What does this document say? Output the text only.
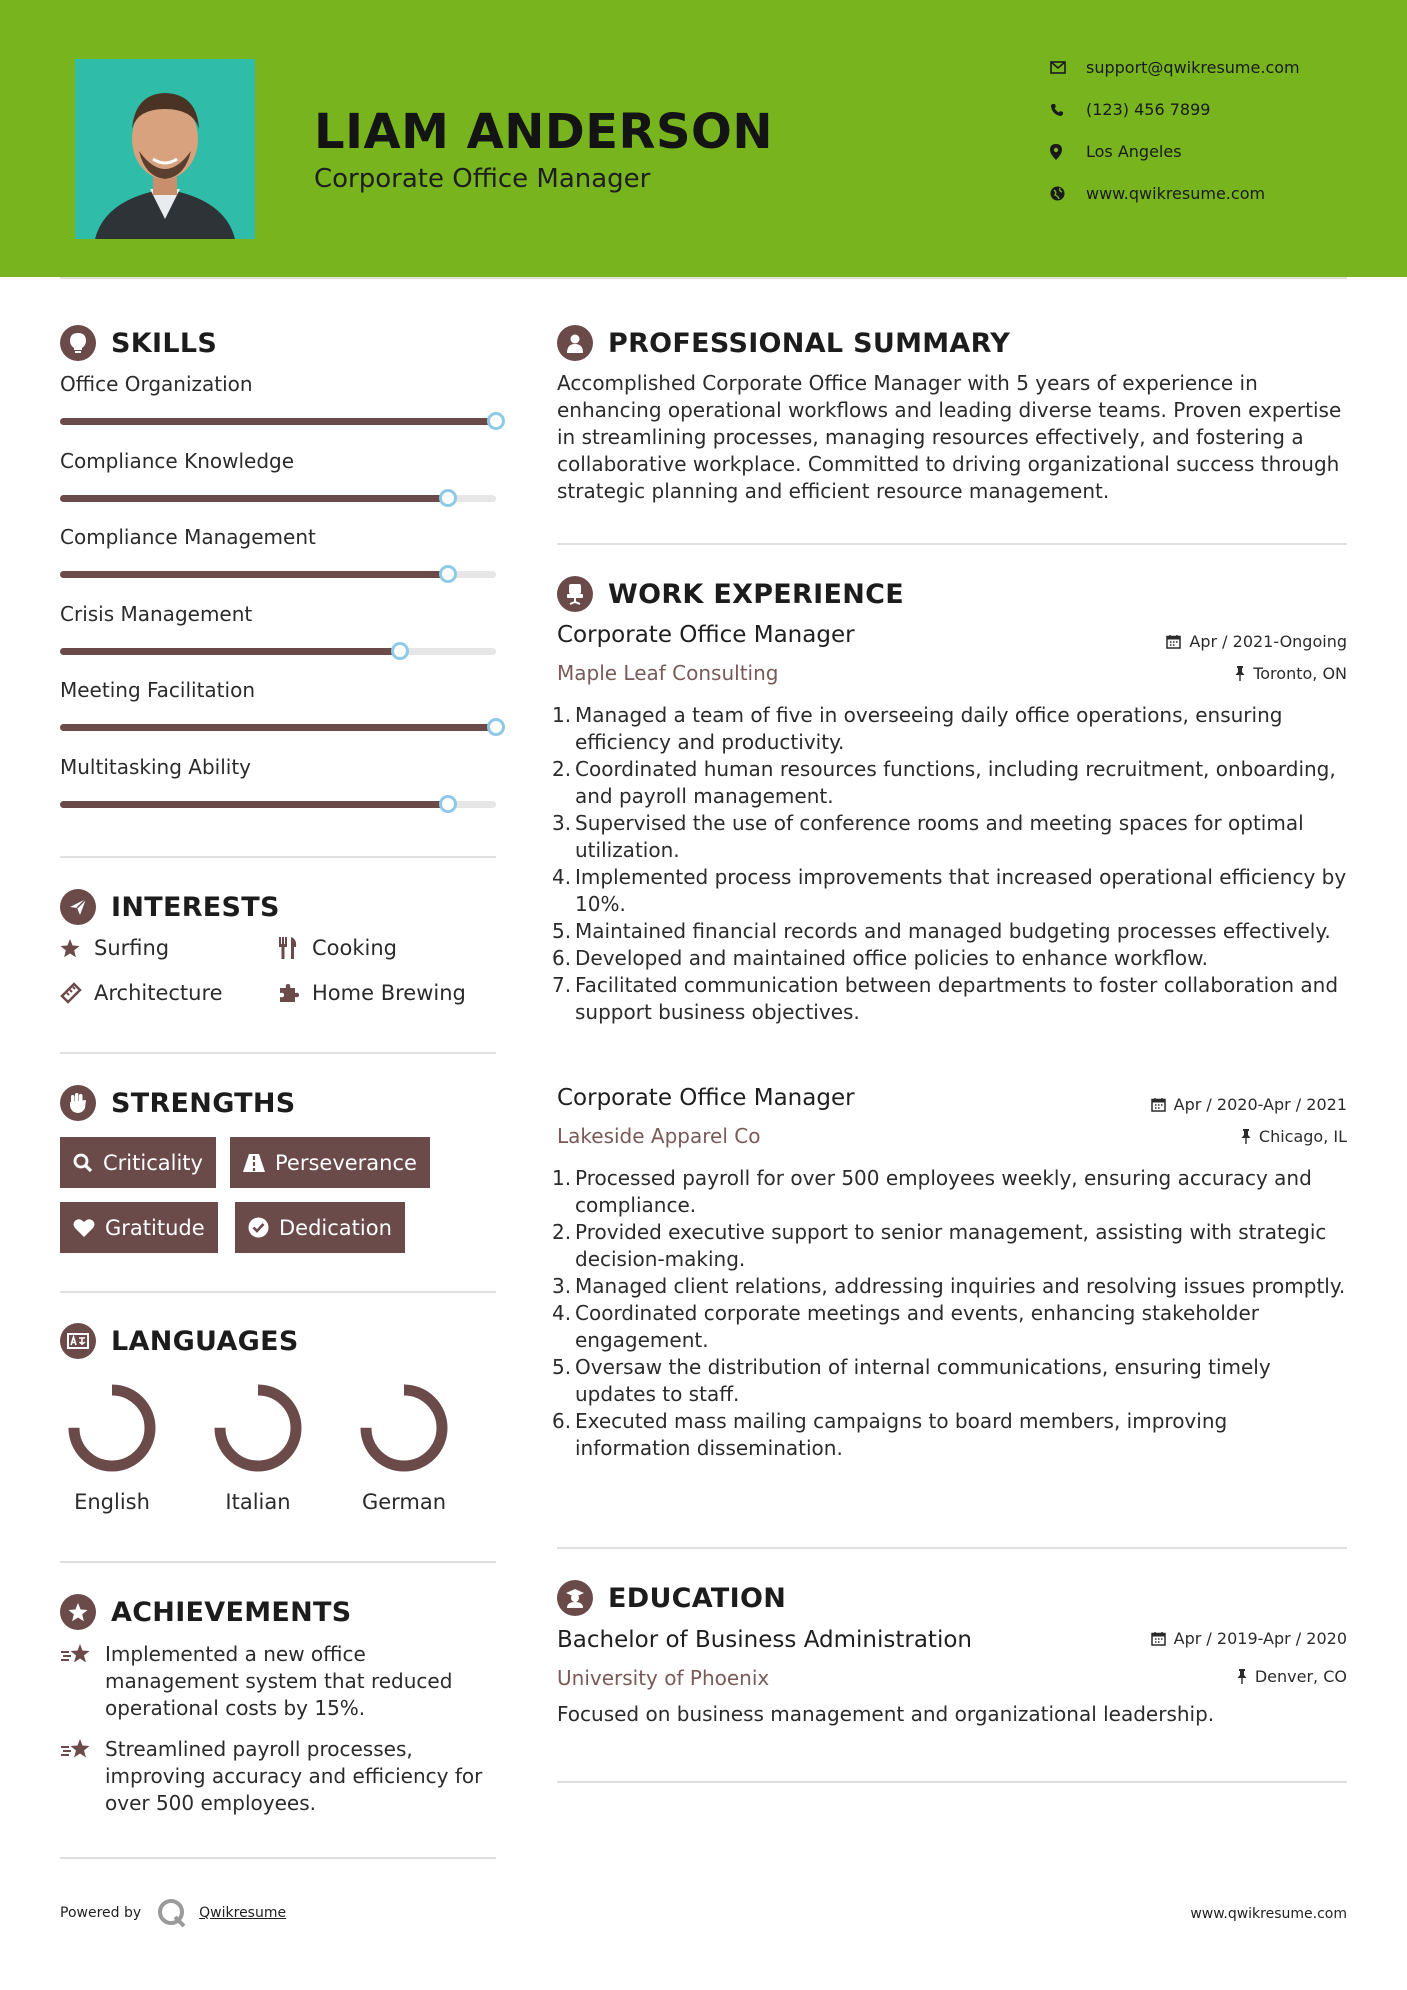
LIAM ANDERSON
Corporate Office Manager
support@qwikresume.com
(123) 456 7899
Los Angeles
www.qwikresume.com
SKILLS
Office Organization
Compliance Knowledge
Compliance Management
Crisis Management
Meeting Facilitation
Multitasking Ability
INTERESTS
Surfing	Cooking
Architecture	Home Brewing
STRENGTHS
Criticality	Perseverance
Gratitude	Dedication
LANGUAGES
English	Italian	German
ACHIEVEMENTS
Implemented a new office management system that reduced operational costs by 15%.
Streamlined payroll processes, improving accuracy and efficiency for over 500 employees.
PROFESSIONAL SUMMARY
Accomplished Corporate Office Manager with 5 years of experience in enhancing operational workflows and leading diverse teams. Proven expertise in streamlining processes, managing resources effectively, and fostering a collaborative workplace. Committed to driving organizational success through strategic planning and efficient resource management.
WORK EXPERIENCE
Corporate Office Manager	Apr / 2021-Ongoing
Maple Leaf Consulting	Toronto, ON
1. Managed a team of five in overseeing daily office operations, ensuring efficiency and productivity.
2. Coordinated human resources functions, including recruitment, onboarding, and payroll management.
3. Supervised the use of conference rooms and meeting spaces for optimal utilization.
4. Implemented process improvements that increased operational efficiency by 10%.
5. Maintained financial records and managed budgeting processes effectively.
6. Developed and maintained office policies to enhance workflow.
7. Facilitated communication between departments to foster collaboration and support business objectives.
Corporate Office Manager	Apr / 2020-Apr / 2021
Lakeside Apparel Co	Chicago, IL
1. Processed payroll for over 500 employees weekly, ensuring accuracy and compliance.
2. Provided executive support to senior management, assisting with strategic decision-making.
3. Managed client relations, addressing inquiries and resolving issues promptly.
4. Coordinated corporate meetings and events, enhancing stakeholder engagement.
5. Oversaw the distribution of internal communications, ensuring timely updates to staff.
6. Executed mass mailing campaigns to board members, improving information dissemination.
EDUCATION
Bachelor of Business Administration	Apr / 2019-Apr / 2020
University of Phoenix	Denver, CO
Focused on business management and organizational leadership.
Powered by	Qwikresume	www.qwikresume.com
